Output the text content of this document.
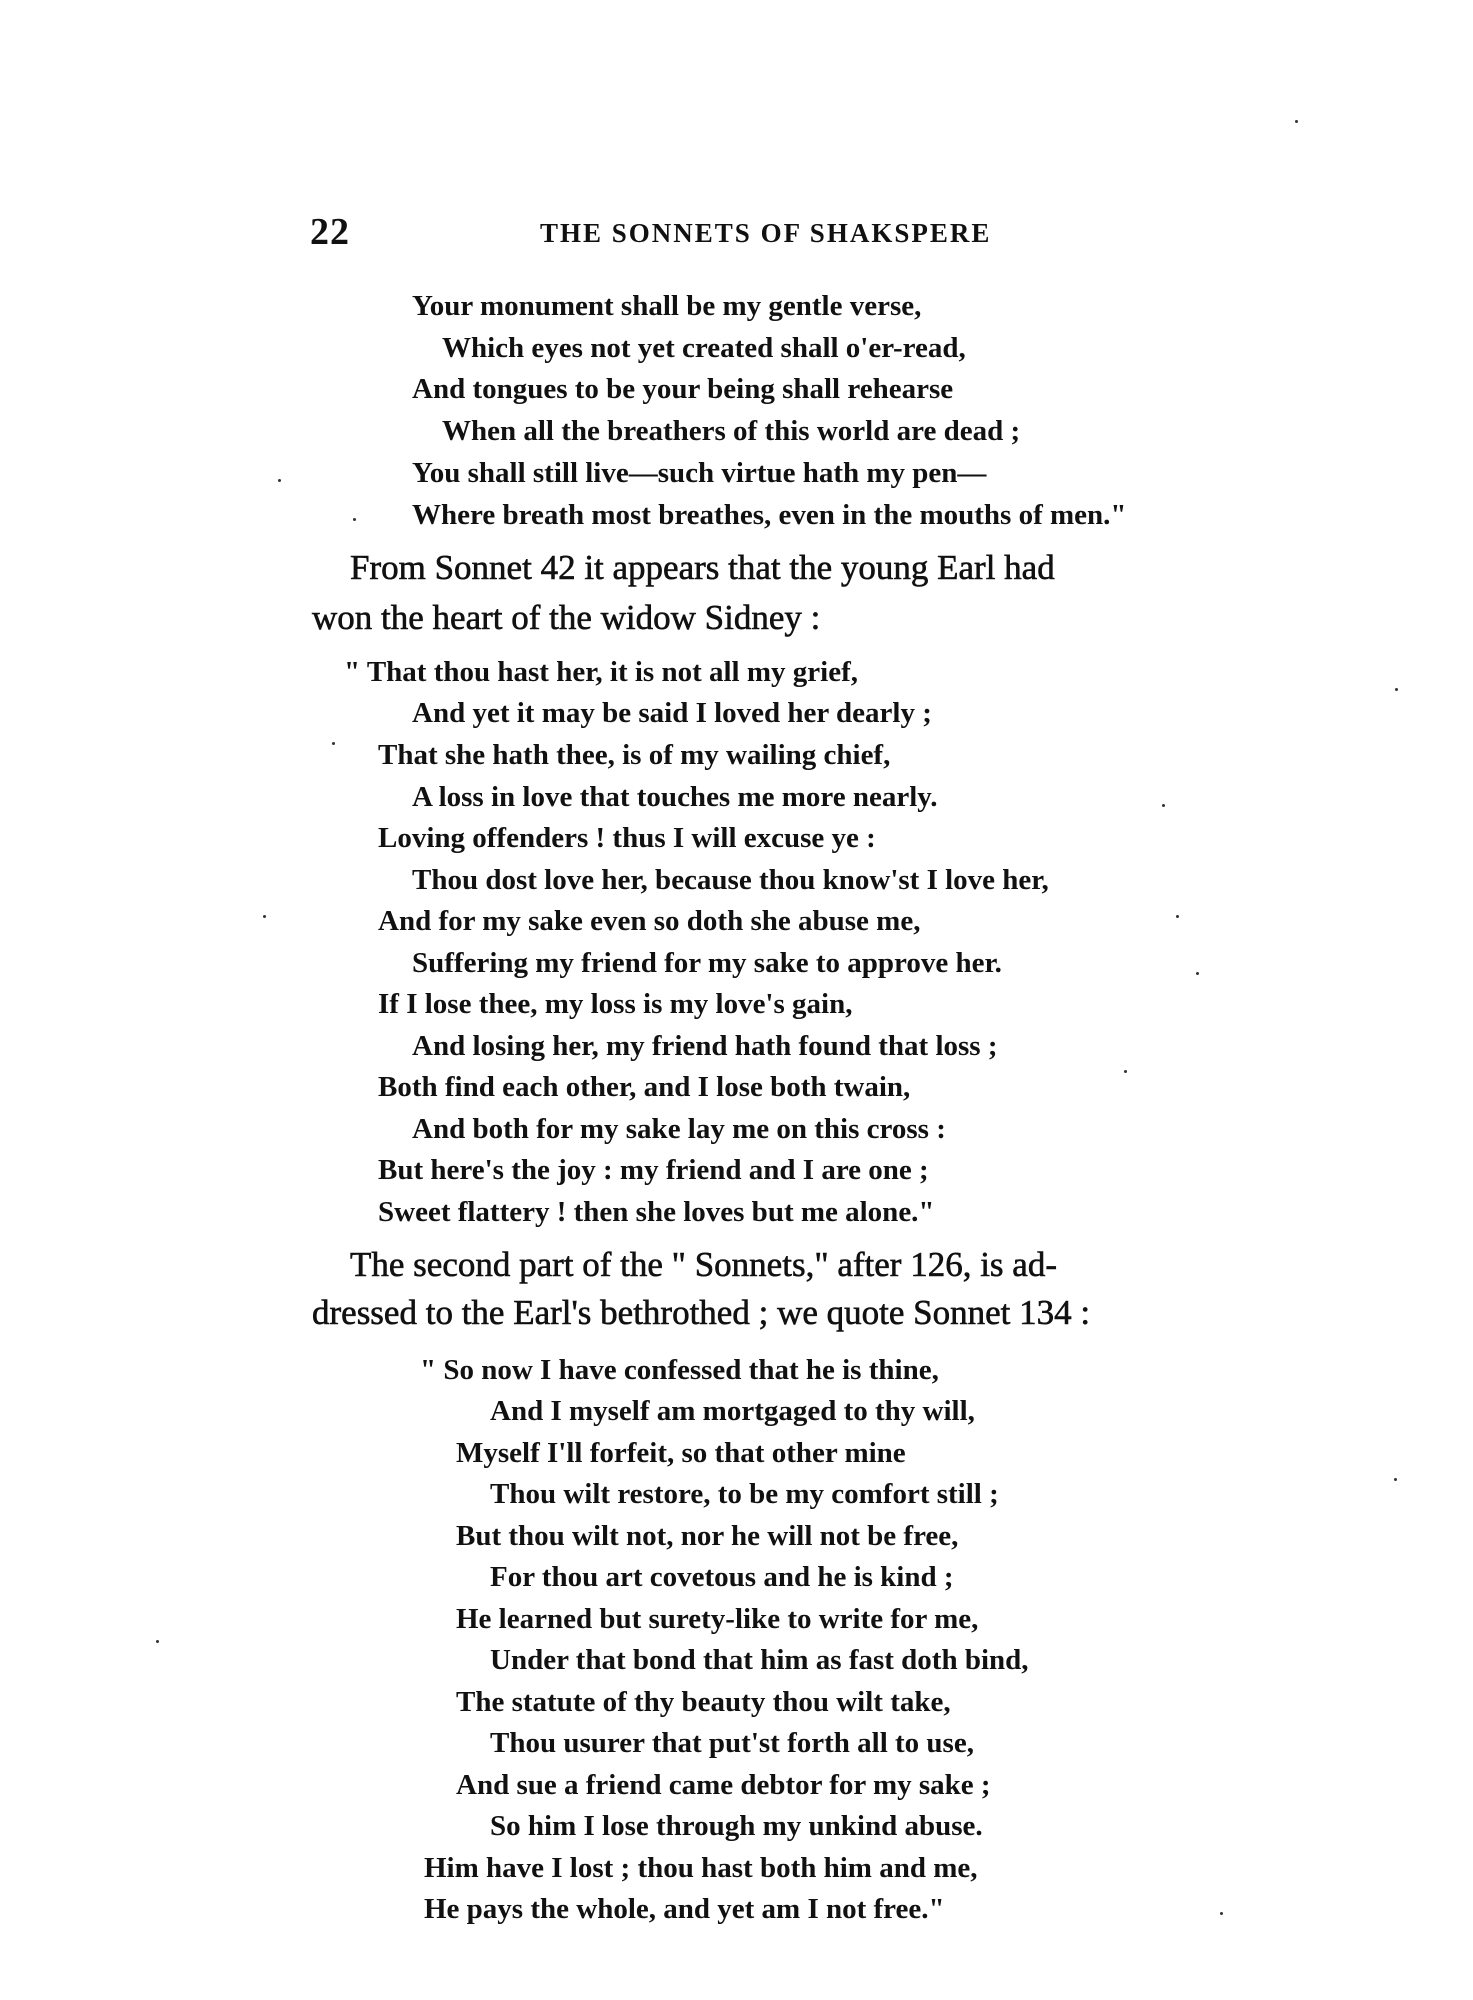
22	THE SONNETS OF SHAKSPERE
Your monument shall be my gentle verse,
Which eyes not yet created shall o'er-read,
And tongues to be your being shall rehearse
When all the breathers of this world are dead ;
You shall still live—such virtue hath my pen—
Where breath most breathes, even in the mouths of men."
From Sonnet 42 it appears that the young Earl had
won the heart of the widow Sidney :
" That thou hast her, it is not all my grief,
And yet it may be said I loved her dearly ;
That she hath thee, is of my wailing chief,
A loss in love that touches me more nearly.
Loving offenders ! thus I will excuse ye :
Thou dost love her, because thou know'st I love her,
And for my sake even so doth she abuse me,
Suffering my friend for my sake to approve her.
If I lose thee, my loss is my love's gain,
And losing her, my friend hath found that loss ;
Both find each other, and I lose both twain,
And both for my sake lay me on this cross :
But here's the joy : my friend and I are one ;
Sweet flattery ! then she loves but me alone."
The second part of the " Sonnets," after 126, is ad-
dressed to the Earl's bethrothed ; we quote Sonnet 134 :
" So now I have confessed that he is thine,
And I myself am mortgaged to thy will,
Myself I'll forfeit, so that other mine
Thou wilt restore, to be my comfort still ;
But thou wilt not, nor he will not be free,
For thou art covetous and he is kind ;
He learned but surety-like to write for me,
Under that bond that him as fast doth bind,
The statute of thy beauty thou wilt take,
Thou usurer that put'st forth all to use,
And sue a friend came debtor for my sake ;
So him I lose through my unkind abuse.
Him have I lost ; thou hast both him and me,
He pays the whole, and yet am I not free."
